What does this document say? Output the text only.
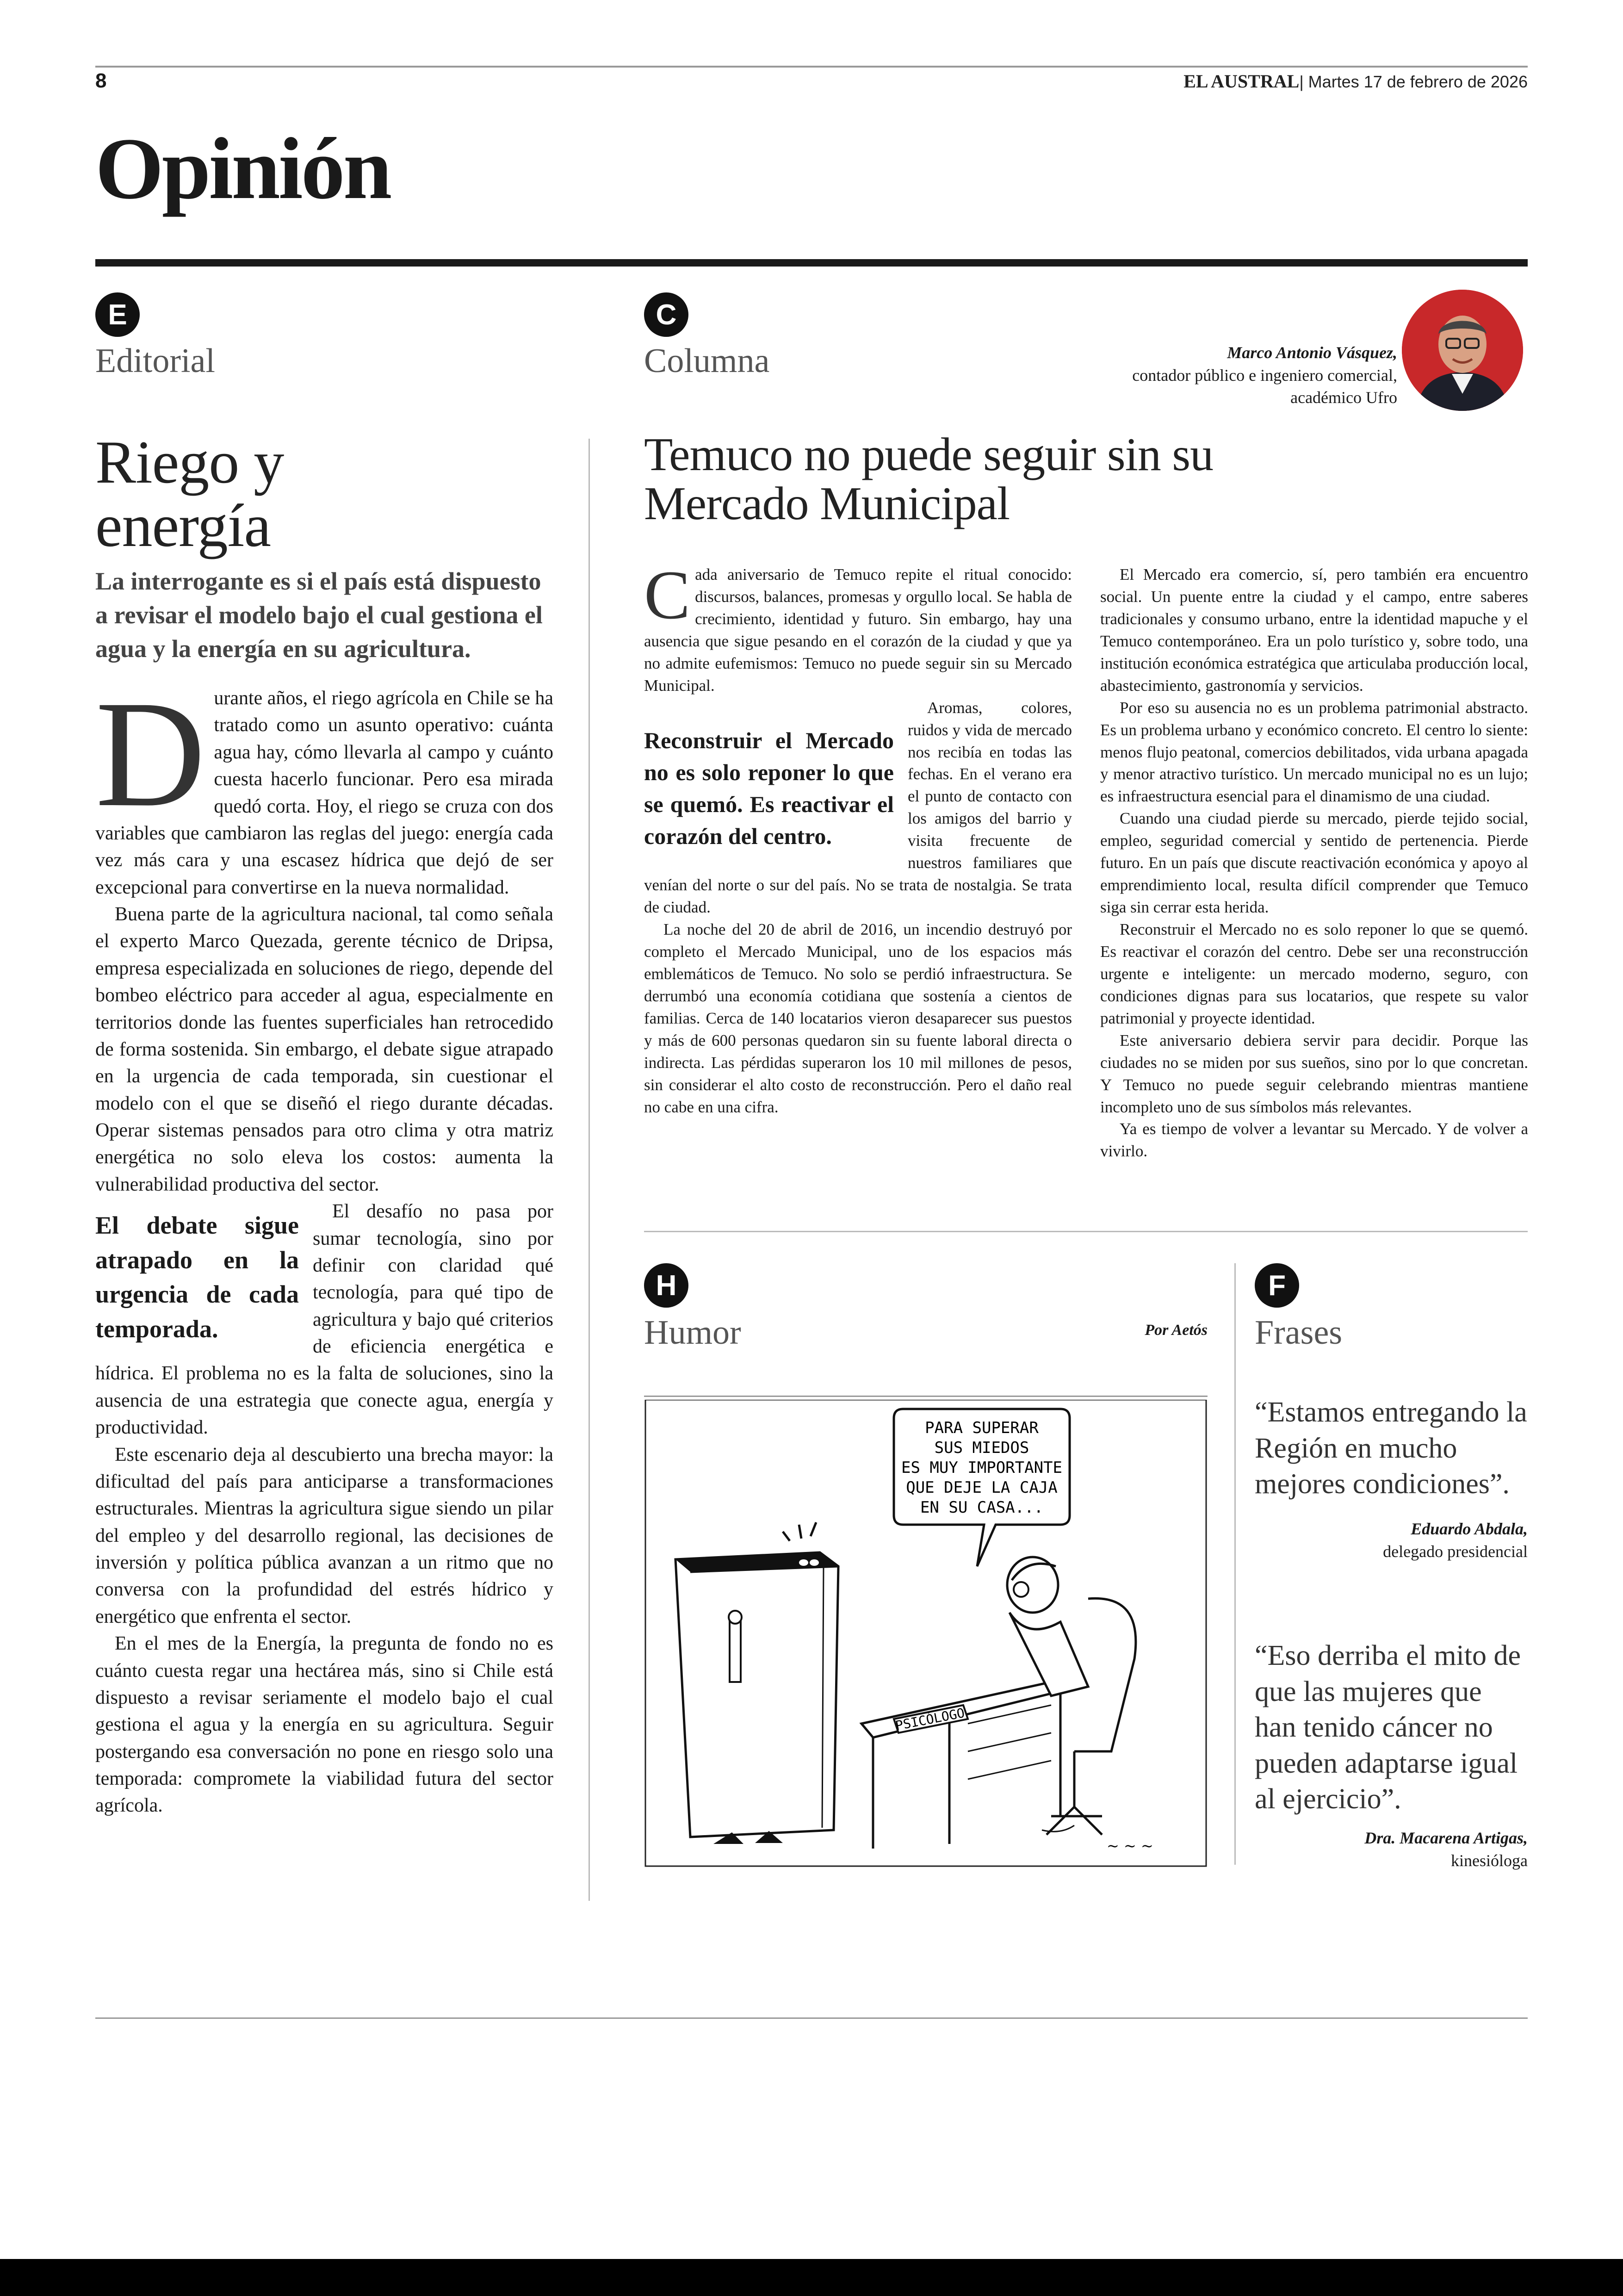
8	EL AUSTRAL| Martes 17 de febrero de 2026
Opinión
E
Editorial
Riego y
energía
La interrogante es si el país está dispuesto a revisar el modelo bajo el cual gestiona el agua y la energía en su agricultura.

Durante años, el riego agrícola en Chile se ha tratado como un asunto operativo: cuánta agua hay, cómo llevarla al campo y cuánto cuesta hacerlo funcionar. Pero esa mirada quedó corta. Hoy, el riego se cruza con dos variables que cambiaron las reglas del juego: energía cada vez más cara y una escasez hídrica que dejó de ser excepcional para convertirse en la nueva normalidad.

Buena parte de la agricultura nacional, tal como señala el experto Marco Quezada, gerente técnico de Dripsa, empresa especializada en soluciones de riego, depende del bombeo eléctrico para acceder al agua, especialmente en territorios donde las fuentes superficiales han retrocedido de forma sostenida. Sin embargo, el debate sigue atrapado en la urgencia de cada temporada, sin cuestionar el modelo con el que se diseñó el riego durante décadas. Operar sistemas pensados para otro clima y otra matriz energética no solo eleva los costos: aumenta la vulnerabilidad productiva del sector.

El debate sigue atrapado en la urgencia de cada temporada.

El desafío no pasa por sumar tecnología, sino por definir con claridad qué tecnología, para qué tipo de agricultura y bajo qué criterios de eficiencia energética e hídrica. El problema no es la falta de soluciones, sino la ausencia de una estrategia que conecte agua, energía y productividad.

Este escenario deja al descubierto una brecha mayor: la dificultad del país para anticiparse a transformaciones estructurales. Mientras la agricultura sigue siendo un pilar del empleo y del desarrollo regional, las decisiones de inversión y política pública avanzan a un ritmo que no conversa con la profundidad del estrés hídrico y energético que enfrenta el sector.

En el mes de la Energía, la pregunta de fondo no es cuánto cuesta regar una hectárea más, sino si Chile está dispuesto a revisar seriamente el modelo bajo el cual gestiona el agua y la energía en su agricultura. Seguir postergando esa conversación no pone en riesgo solo una temporada: compromete la viabilidad futura del sector agrícola.

C
Columna	Marco Antonio Vásquez,
contador público e ingeniero comercial,
académico Ufro
Temuco no puede seguir sin su
Mercado Municipal

Cada aniversario de Temuco repite el ritual conocido: discursos, balances, promesas y orgullo local. Se habla de crecimiento, identidad y futuro. Sin embargo, hay una ausencia que sigue pesando en el corazón de la ciudad y que ya no admite eufemismos: Temuco no puede seguir sin su Mercado Municipal.

Reconstruir el Mercado no es solo reponer lo que se quemó. Es reactivar el corazón del centro.

Aromas, colores, ruidos y vida de mercado nos recibía en todas las fechas. En el verano era el punto de contacto con los amigos del barrio y visita frecuente de nuestros familiares que venían del norte o sur del país. No se trata de nostalgia. Se trata de ciudad.

La noche del 20 de abril de 2016, un incendio destruyó por completo el Mercado Municipal, uno de los espacios más emblemáticos de Temuco. No solo se perdió infraestructura. Se derrumbó una economía cotidiana que sostenía a cientos de familias. Cerca de 140 locatarios vieron desaparecer sus puestos y más de 600 personas quedaron sin su fuente laboral directa o indirecta. Las pérdidas superaron los 10 mil millones de pesos, sin considerar el alto costo de reconstrucción. Pero el daño real no cabe en una cifra.

El Mercado era comercio, sí, pero también era encuentro social. Un puente entre la ciudad y el campo, entre saberes tradicionales y consumo urbano, entre la identidad mapuche y el Temuco contemporáneo. Era un polo turístico y, sobre todo, una institución económica estratégica que articulaba producción local, abastecimiento, gastronomía y servicios.

Por eso su ausencia no es un problema patrimonial abstracto. Es un problema urbano y económico concreto. El centro lo siente: menos flujo peatonal, comercios debilitados, vida urbana apagada y menor atractivo turístico. Un mercado municipal no es un lujo; es infraestructura esencial para el dinamismo de una ciudad.

Cuando una ciudad pierde su mercado, pierde tejido social, empleo, seguridad comercial y sentido de pertenencia. Pierde futuro. En un país que discute reactivación económica y apoyo al emprendimiento local, resulta difícil comprender que Temuco siga sin cerrar esta herida.

Reconstruir el Mercado no es solo reponer lo que se quemó. Es reactivar el corazón del centro. Debe ser una reconstrucción urgente e inteligente: un mercado moderno, seguro, con condiciones dignas para sus locatarios, que respete su valor patrimonial y proyecte identidad.

Este aniversario debiera servir para decidir. Porque las ciudades no se miden por sus sueños, sino por lo que concretan. Y Temuco no puede seguir celebrando mientras mantiene incompleto uno de sus símbolos más relevantes.

Ya es tiempo de volver a levantar su Mercado. Y de volver a vivirlo.

H
Humor	Por Aetós
PARA SUPERAR
SUS MIEDOS
ES MUY IMPORTANTE
QUE DEJE LA CAJA
EN SU CASA...
PSICÓLOGO
~ ~ ~
F
Frases
“Estamos entregando la Región en mucho mejores condiciones”.
Eduardo Abdala,
delegado presidencial
“Eso derriba el mito de que las mujeres que han tenido cáncer no pueden adaptarse igual al ejercicio”.
Dra. Macarena Artigas,
kinesióloga
